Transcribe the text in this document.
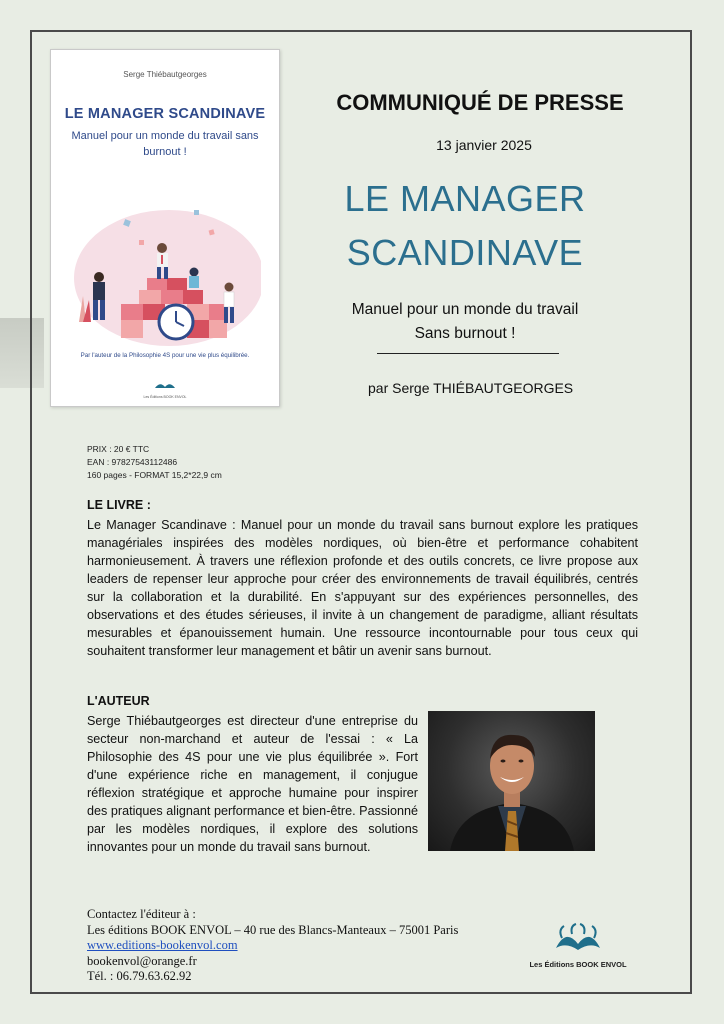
Serge Thiébautgeorges
LE MANAGER SCANDINAVE
Manuel pour un monde du travail sans burnout !
Par l'auteur de la Philosophie 4S pour une vie plus équilibrée.
Les Éditions BOOK ENVOL
COMMUNIQUÉ DE PRESSE
13 janvier 2025
LE MANAGER
SCANDINAVE
Manuel pour un monde du travail
Sans burnout !
par Serge THIÉBAUTGEORGES
PRIX : 20 € TTC
EAN : 97827543112486
160 pages - FORMAT 15,2*22,9 cm
LE LIVRE :
Le Manager Scandinave : Manuel pour un monde du travail sans burnout explore les pratiques managériales inspirées des modèles nordiques, où bien-être et performance cohabitent harmonieusement. À travers une réflexion profonde et des outils concrets, ce livre propose aux leaders de repenser leur approche pour créer des environnements de travail équilibrés, centrés sur la collaboration et la durabilité. En s'appuyant sur des expériences personnelles, des observations et des études sérieuses, il invite à un changement de paradigme, alliant résultats mesurables et épanouissement humain. Une ressource incontournable pour tous ceux qui souhaitent transformer leur management et bâtir un avenir sans burnout.
L'AUTEUR
Serge Thiébautgeorges est directeur d'une entreprise du secteur non-marchand et auteur de l'essai : « La Philosophie des 4S pour une vie plus équilibrée ». Fort d'une expérience riche en management, il conjugue réflexion stratégique et approche humaine pour inspirer des pratiques alignant performance et bien-être. Passionné par les modèles nordiques, il explore des solutions innovantes pour un monde du travail sans burnout.
Contactez l'éditeur à :
Les éditions BOOK ENVOL – 40 rue des Blancs-Manteaux – 75001 Paris
www.editions-bookenvol.com
bookenvol@orange.fr
Tél. : 06.79.63.62.92
Les Éditions BOOK ENVOL
